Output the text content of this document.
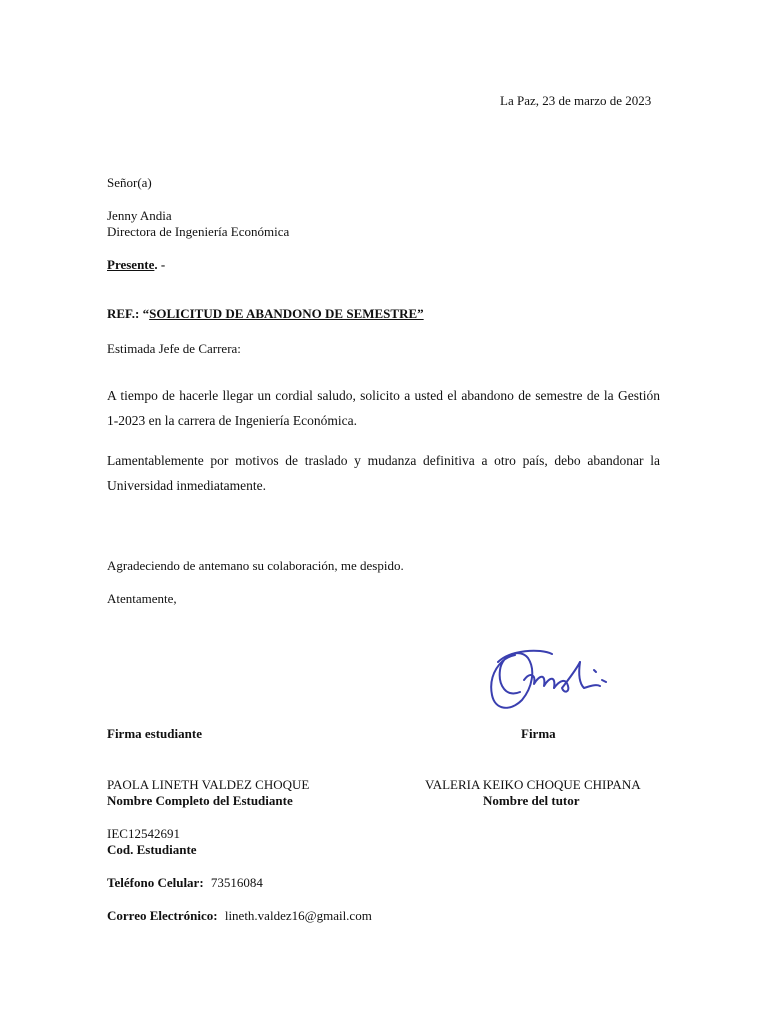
La Paz, 23 de marzo de 2023
Señor(a)
Jenny Andia
Directora de Ingeniería Económica
Presente. -
REF.: “SOLICITUD DE ABANDONO DE SEMESTRE”
Estimada Jefe de Carrera:
A tiempo de hacerle llegar un cordial saludo, solicito a usted el abandono de semestre de la Gestión
1-2023 en la carrera de Ingeniería Económica.
Lamentablemente por motivos de traslado y mudanza definitiva a otro país, debo abandonar la
Universidad inmediatamente.
Agradeciendo de antemano su colaboración, me despido.
Atentamente,
Firma estudiante	Firma
PAOLA LINETH VALDEZ CHOQUE
Nombre Completo del Estudiante
VALERIA KEIKO CHOQUE CHIPANA
Nombre del tutor
IEC12542691
Cod. Estudiante
Teléfono Celular: 73516084
Correo Electrónico: lineth.valdez16@gmail.com
